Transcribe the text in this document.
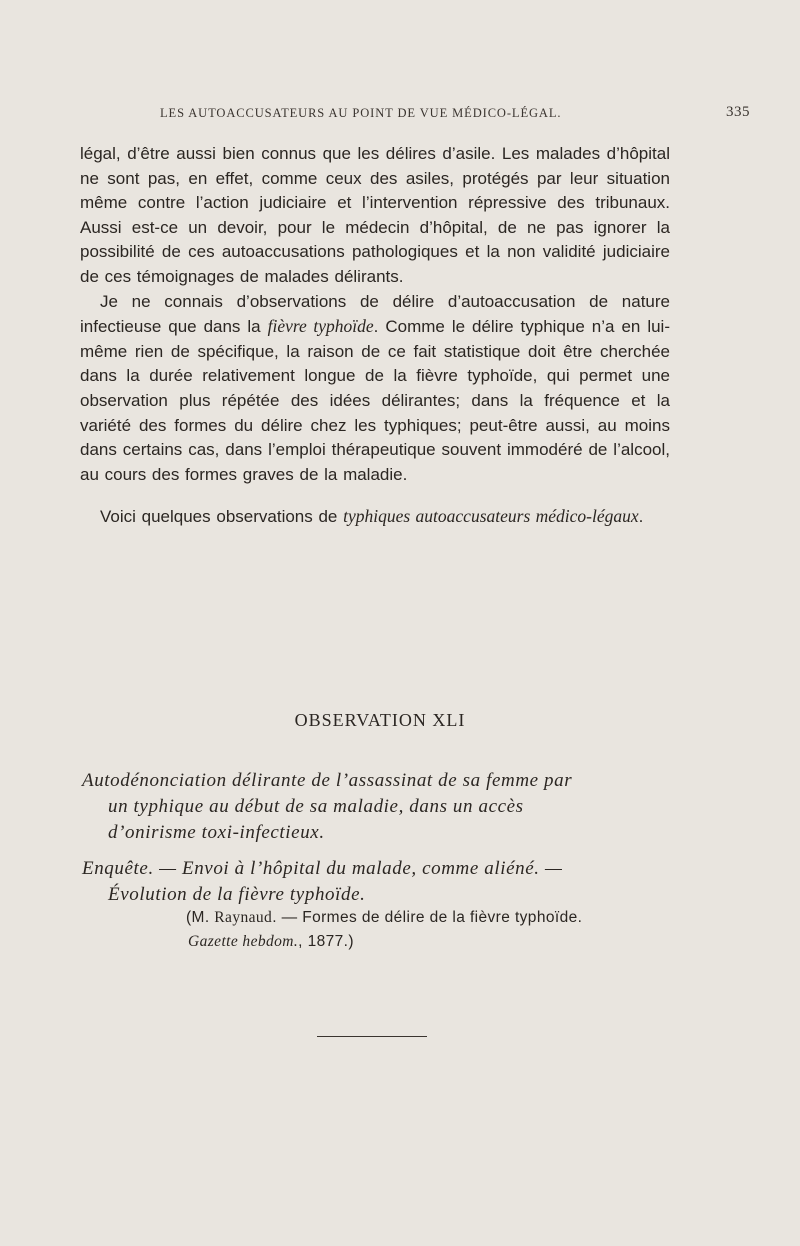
LES AUTOACCUSATEURS AU POINT DE VUE MÉDICO-LÉGAL.	335

légal, d’être aussi bien connus que les délires d’asile. Les malades d’hôpital ne sont pas, en effet, comme ceux des asiles, protégés par leur situation même contre l’action judiciaire et l’intervention répressive des tribunaux. Aussi est-ce un devoir, pour le médecin d’hôpital, de ne pas ignorer la possibilité de ces autoaccusations pathologiques et la non validité judiciaire de ces témoignages de malades délirants.

Je ne connais d’observations de délire d’autoaccusation de nature infectieuse que dans la fièvre typhoïde. Comme le délire typhique n’a en lui-même rien de spécifique, la raison de ce fait statistique doit être cherchée dans la durée relativement longue de la fièvre typhoïde, qui permet une observation plus répétée des idées délirantes; dans la fréquence et la variété des formes du délire chez les typhiques; peut-être aussi, au moins dans certains cas, dans l’emploi thérapeutique souvent immodéré de l’alcool, au cours des formes graves de la maladie.

Voici quelques observations de typhiques autoaccusateurs médico-légaux.

OBSERVATION XLI
Autodénonciation délirante de l’assassinat de sa femme par
un typhique au début de sa maladie, dans un accès
d’onirisme toxi-infectieux.
Enquête. — Envoi à l’hôpital du malade, comme aliéné. —
Évolution de la fièvre typhoïde.
(M. Raynaud. — Formes de délire de la fièvre typhoïde.
Gazette hebdom., 1877.)
